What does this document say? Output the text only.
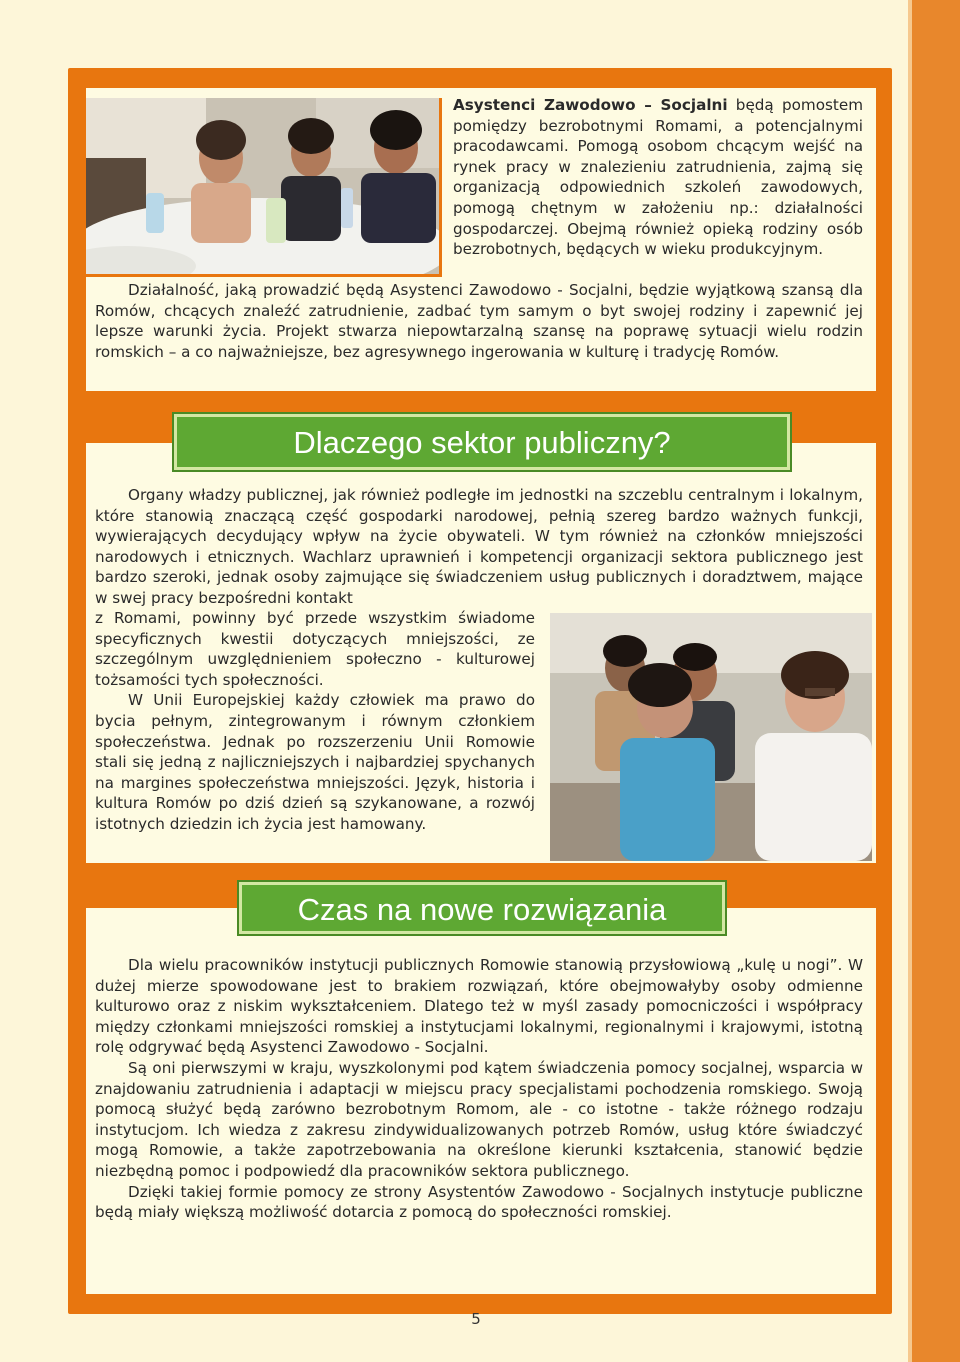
Asystenci Zawodowo – Socjalni będą pomostem pomiędzy bezrobotnymi Romami, a potencjalnymi pracodawcami. Pomogą osobom chcącym wejść na rynek pracy w znalezieniu zatrudnienia, zajmą się organizacją odpowiednich szkoleń zawodowych, pomogą chętnym w założeniu np.: działalności gospodarczej. Obejmą również opieką rodziny osób bezrobotnych, będących w wieku produkcyjnym.

Działalność, jaką prowadzić będą Asystenci Zawodowo - Socjalni, będzie wyjątkową szansą dla Romów, chcących znaleźć zatrudnienie, zadbać tym samym o byt swojej rodziny i zapewnić jej lepsze warunki życia. Projekt stwarza niepowtarzalną szansę na poprawę sytuacji wielu rodzin romskich – a co najważniejsze, bez agresywnego ingerowania w kulturę i tradycję Romów.

Dlaczego sektor publiczny?

Organy władzy publicznej, jak również podległe im jednostki na szczeblu centralnym i lokalnym, które stanowią znaczącą część gospodarki narodowej, pełnią szereg bardzo ważnych funkcji, wywierających decydujący wpływ na życie obywateli. W tym również na członków mniejszości narodowych i etnicznych. Wachlarz uprawnień i kompetencji organizacji sektora publicznego jest bardzo szeroki, jednak osoby zajmujące się świadczeniem usług publicznych i doradztwem, mające w swej pracy bezpośredni kontakt

z Romami, powinny być przede wszystkim świadome specyficznych kwestii dotyczących mniejszości, ze szczególnym uwzględnieniem społeczno - kulturowej tożsamości tych społeczności.

W Unii Europejskiej każdy człowiek ma prawo do bycia pełnym, zintegrowanym i równym członkiem społeczeństwa. Jednak po rozszerzeniu Unii Romowie stali się jedną z najliczniejszych i najbardziej spychanych na margines społeczeństwa mniejszości. Język, historia i kultura Romów po dziś dzień są szykanowane, a rozwój istotnych dziedzin ich życia jest hamowany.

Czas na nowe rozwiązania

Dla wielu pracowników instytucji publicznych Romowie stanowią przysłowiową „kulę u nogi”. W dużej mierze spowodowane jest to brakiem rozwiązań, które obejmowałyby osoby odmienne kulturowo oraz z niskim wykształceniem. Dlatego też w myśl zasady pomocniczości i współpracy między członkami mniejszości romskiej a instytucjami lokalnymi, regionalnymi i krajowymi, istotną rolę odgrywać będą Asystenci Zawodowo - Socjalni.

Są oni pierwszymi w kraju, wyszkolonymi pod kątem świadczenia pomocy socjalnej, wsparcia w znajdowaniu zatrudnienia i adaptacji w miejscu pracy specjalistami pochodzenia romskiego. Swoją pomocą służyć będą zarówno bezrobotnym Romom, ale - co istotne - także różnego rodzaju instytucjom. Ich wiedza z zakresu zindywidualizowanych potrzeb Romów, usług które świadczyć mogą Romowie, a także zapotrzebowania na określone kierunki kształcenia, stanowić będzie niezbędną pomoc i podpowiedź dla pracowników sektora publicznego.

Dzięki takiej formie pomocy ze strony Asystentów Zawodowo - Socjalnych instytucje publiczne będą miały większą możliwość dotarcia z pomocą do społeczności romskiej.

5
